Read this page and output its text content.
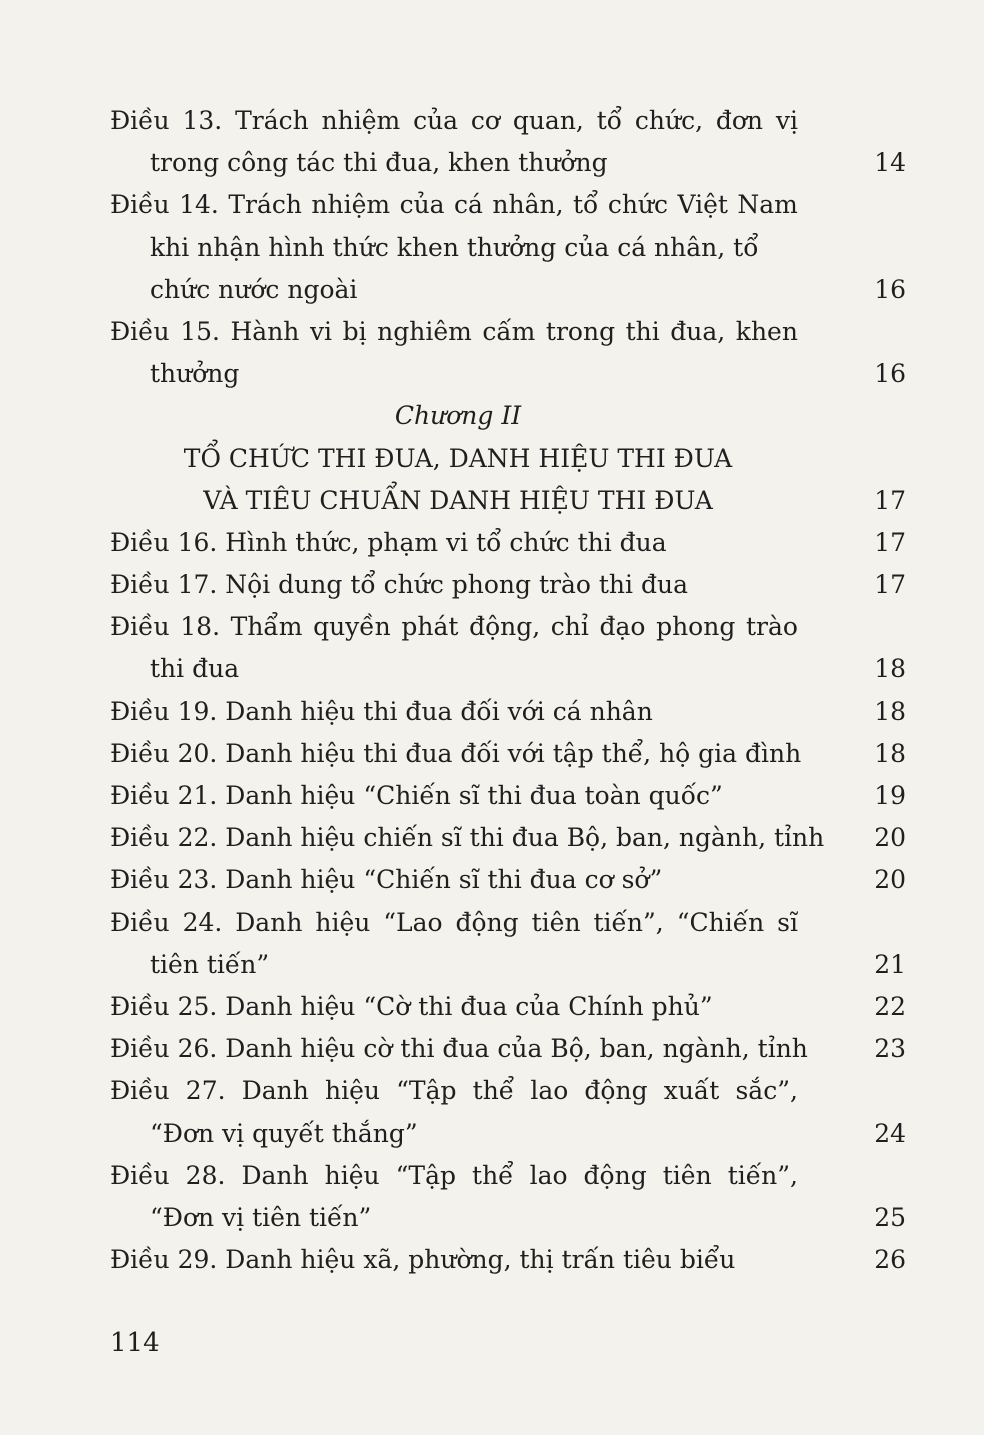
Điều 13. Trách nhiệm của cơ quan, tổ chức, đơn vị
trong công tác thi đua, khen thưởng	14
Điều 14. Trách nhiệm của cá nhân, tổ chức Việt Nam
khi nhận hình thức khen thưởng của cá nhân, tổ
chức nước ngoài	16
Điều 15. Hành vi bị nghiêm cấm trong thi đua, khen
thưởng	16
Chương II
TỔ CHỨC THI ĐUA, DANH HIỆU THI ĐUA
VÀ TIÊU CHUẨN DANH HIỆU THI ĐUA	17
Điều 16. Hình thức, phạm vi tổ chức thi đua	17
Điều 17. Nội dung tổ chức phong trào thi đua	17
Điều 18. Thẩm quyền phát động, chỉ đạo phong trào
thi đua	18
Điều 19. Danh hiệu thi đua đối với cá nhân	18
Điều 20. Danh hiệu thi đua đối với tập thể, hộ gia đình	18
Điều 21. Danh hiệu “Chiến sĩ thi đua toàn quốc”	19
Điều 22. Danh hiệu chiến sĩ thi đua Bộ, ban, ngành, tỉnh 20
Điều 23. Danh hiệu “Chiến sĩ thi đua cơ sở”	20
Điều 24. Danh hiệu “Lao động tiên tiến”, “Chiến sĩ
tiên tiến”	21
Điều 25. Danh hiệu “Cờ thi đua của Chính phủ”	22
Điều 26. Danh hiệu cờ thi đua của Bộ, ban, ngành, tỉnh	23
Điều 27. Danh hiệu “Tập thể lao động xuất sắc”,
“Đơn vị quyết thắng”	24
Điều 28. Danh hiệu “Tập thể lao động tiên tiến”,
“Đơn vị tiên tiến”	25
Điều 29. Danh hiệu xã, phường, thị trấn tiêu biểu	26
114
